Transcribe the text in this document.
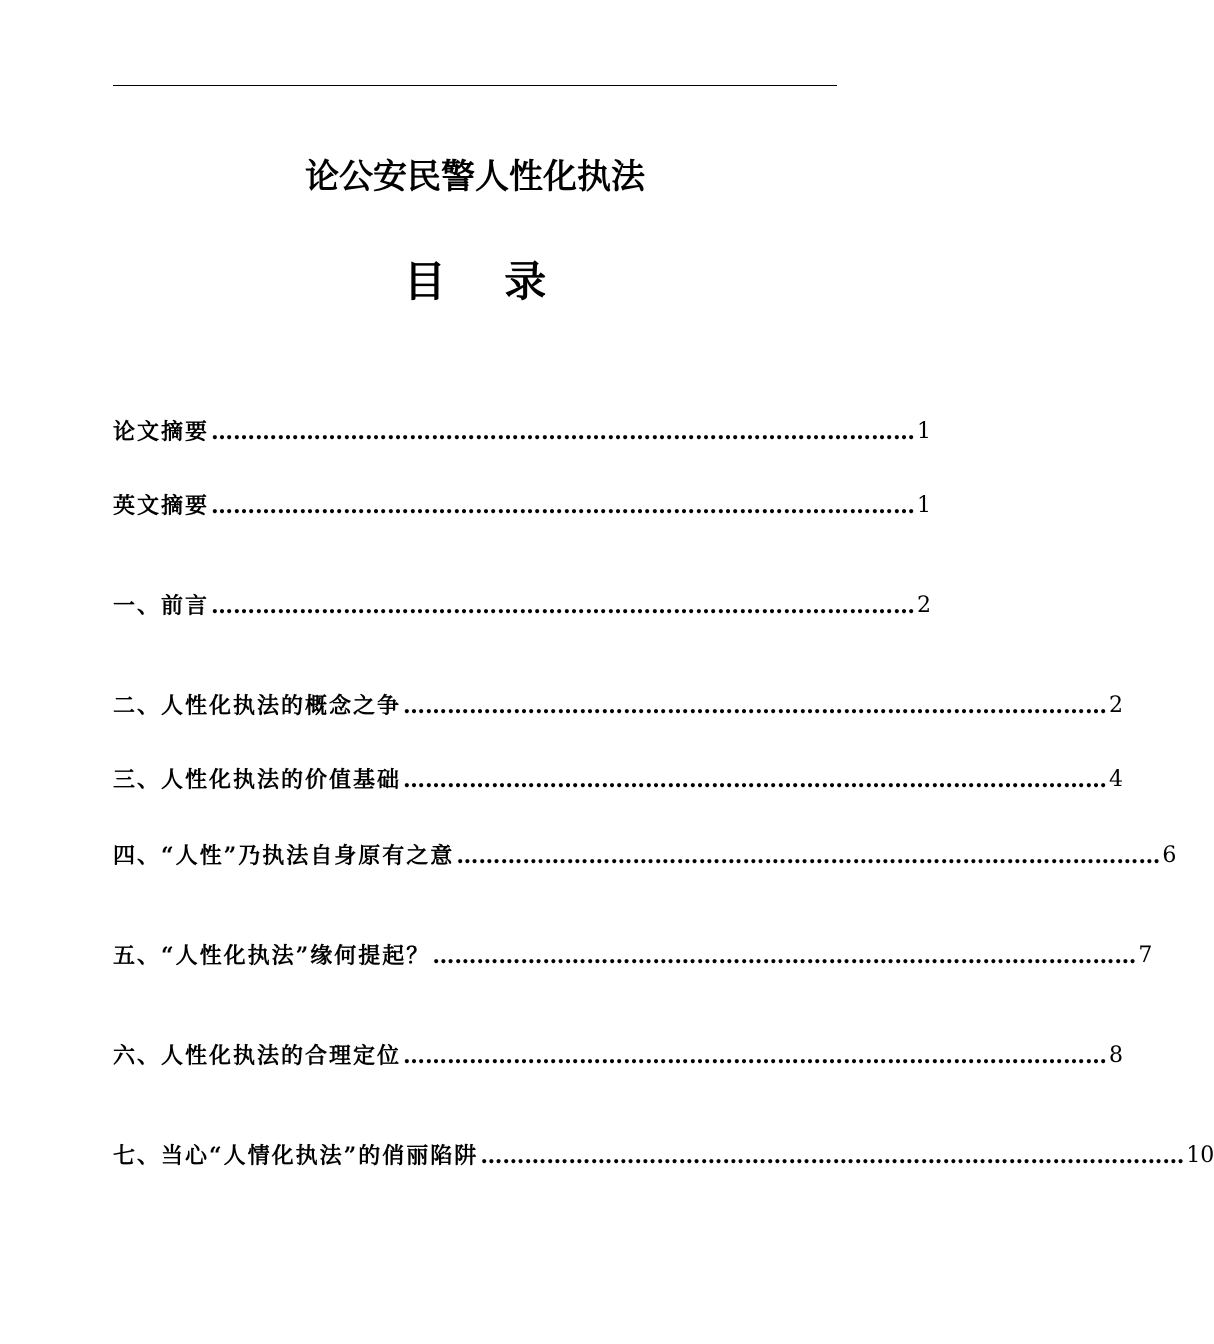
论公安民警人性化执法
目    录
论文摘要 …………………………………………………………………………………… 1
英文摘要 …………………………………………………………………………………… 1
一、前言 …………………………………………………………………………………… 2
二、人性化执法的概念之争 …………………………………………………………………………………… 2
三、人性化执法的价值基础 …………………………………………………………………………………… 4
四、“人性”乃执法自身原有之意 …………………………………………………………………………………… 6
五、“人性化执法”缘何提起？ …………………………………………………………………………………… 7
六、人性化执法的合理定位 …………………………………………………………………………………… 8
七、当心“人情化执法”的俏丽陷阱 …………………………………………………………………………………… 10
